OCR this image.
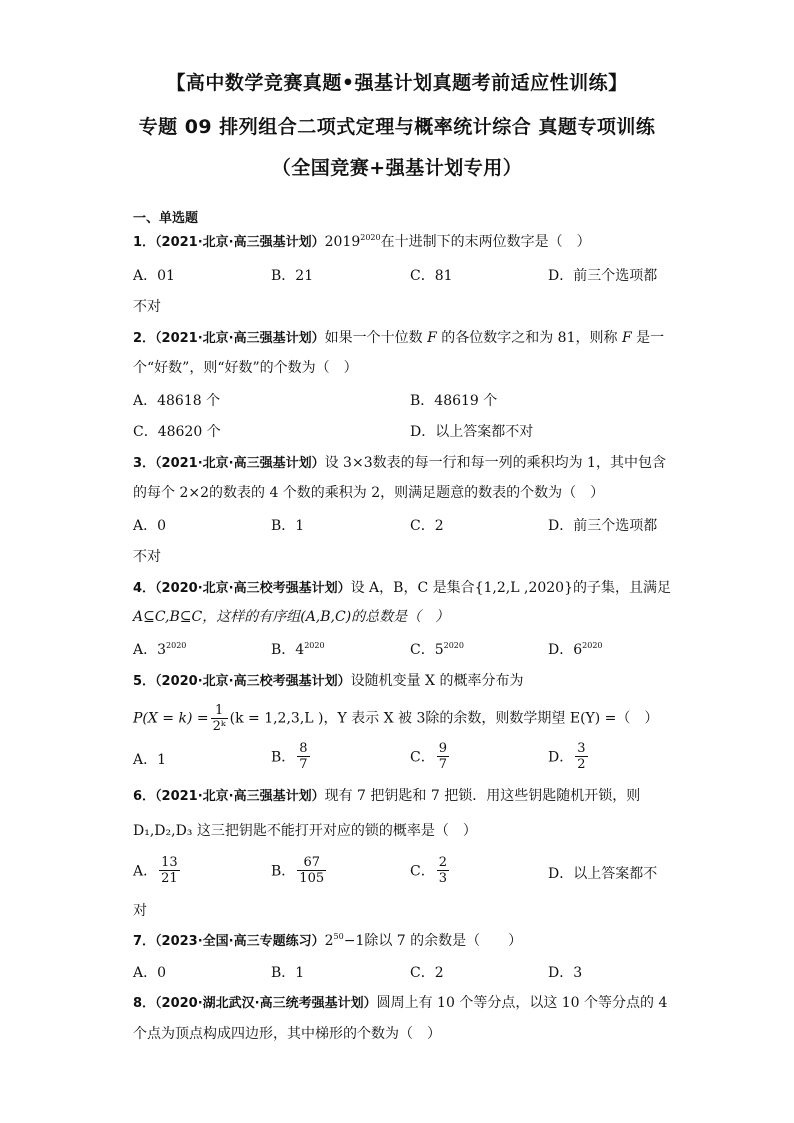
【高中数学竞赛真题•强基计划真题考前适应性训练】
专题 09 排列组合二项式定理与概率统计综合 真题专项训练
（全国竞赛+强基计划专用）
一、单选题
1．（2021·北京·高三强基计划）$2019^{2020}$在十进制下的末两位数字是（　）
A．01	B．21	C．81	D．前三个选项都
不对
2．（2021·北京·高三强基计划）如果一个十位数 F 的各位数字之和为 81，则称 F 是一
个“好数”，则“好数”的个数为（　）
A．48618 个	B．48619 个
C．48620 个	D．以上答案都不对
3．（2021·北京·高三强基计划）设 3×3数表的每一行和每一列的乘积均为 1，其中包含
的每个 2×2的数表的 4 个数的乘积为 2，则满足题意的数表的个数为（　）
A．0	B．1	C．2	D．前三个选项都
不对
4．（2020·北京·高三校考强基计划）设 A，B，C 是集合{1,2,L ,2020}的子集，且满足
A⊆C,B⊆C，这样的有序组(A,B,C)的总数是（　）
A．$3^{2020}$	B．$4^{2020}$	C．$5^{2020}$	D．$6^{2020}$
5．（2020·北京·高三校考强基计划）设随机变量 X 的概率分布为
$P(X = k) = \frac{1}{\text{2ᵏ}} (k = 1,2,3,L$ )，Y 表示 X 被 3除的余数，则数学期望 E(Y) =（　）
A．1	B． $\frac{8}{7}$	C． $\frac{9}{7}$	D． $\frac{3}{2}$
6．（2021·北京·高三强基计划）现有 7 把钥匙和 7 把锁．用这些钥匙随机开锁，则
D₁,D₂,D₃ 这三把钥匙不能打开对应的锁的概率是（　）
A． $\frac{13}{21}$	B． $\frac{67}{105}$	C． $\frac{2}{3}$	D．以上答案都不
对
7．（2023·全国·高三专题练习）$2^{50}-1$除以 7 的余数是（　　）
A．0	B．1	C．2	D．3
8．（2020·湖北武汉·高三统考强基计划）圆周上有 10 个等分点，以这 10 个等分点的 4
个点为顶点构成四边形，其中梯形的个数为（　）
